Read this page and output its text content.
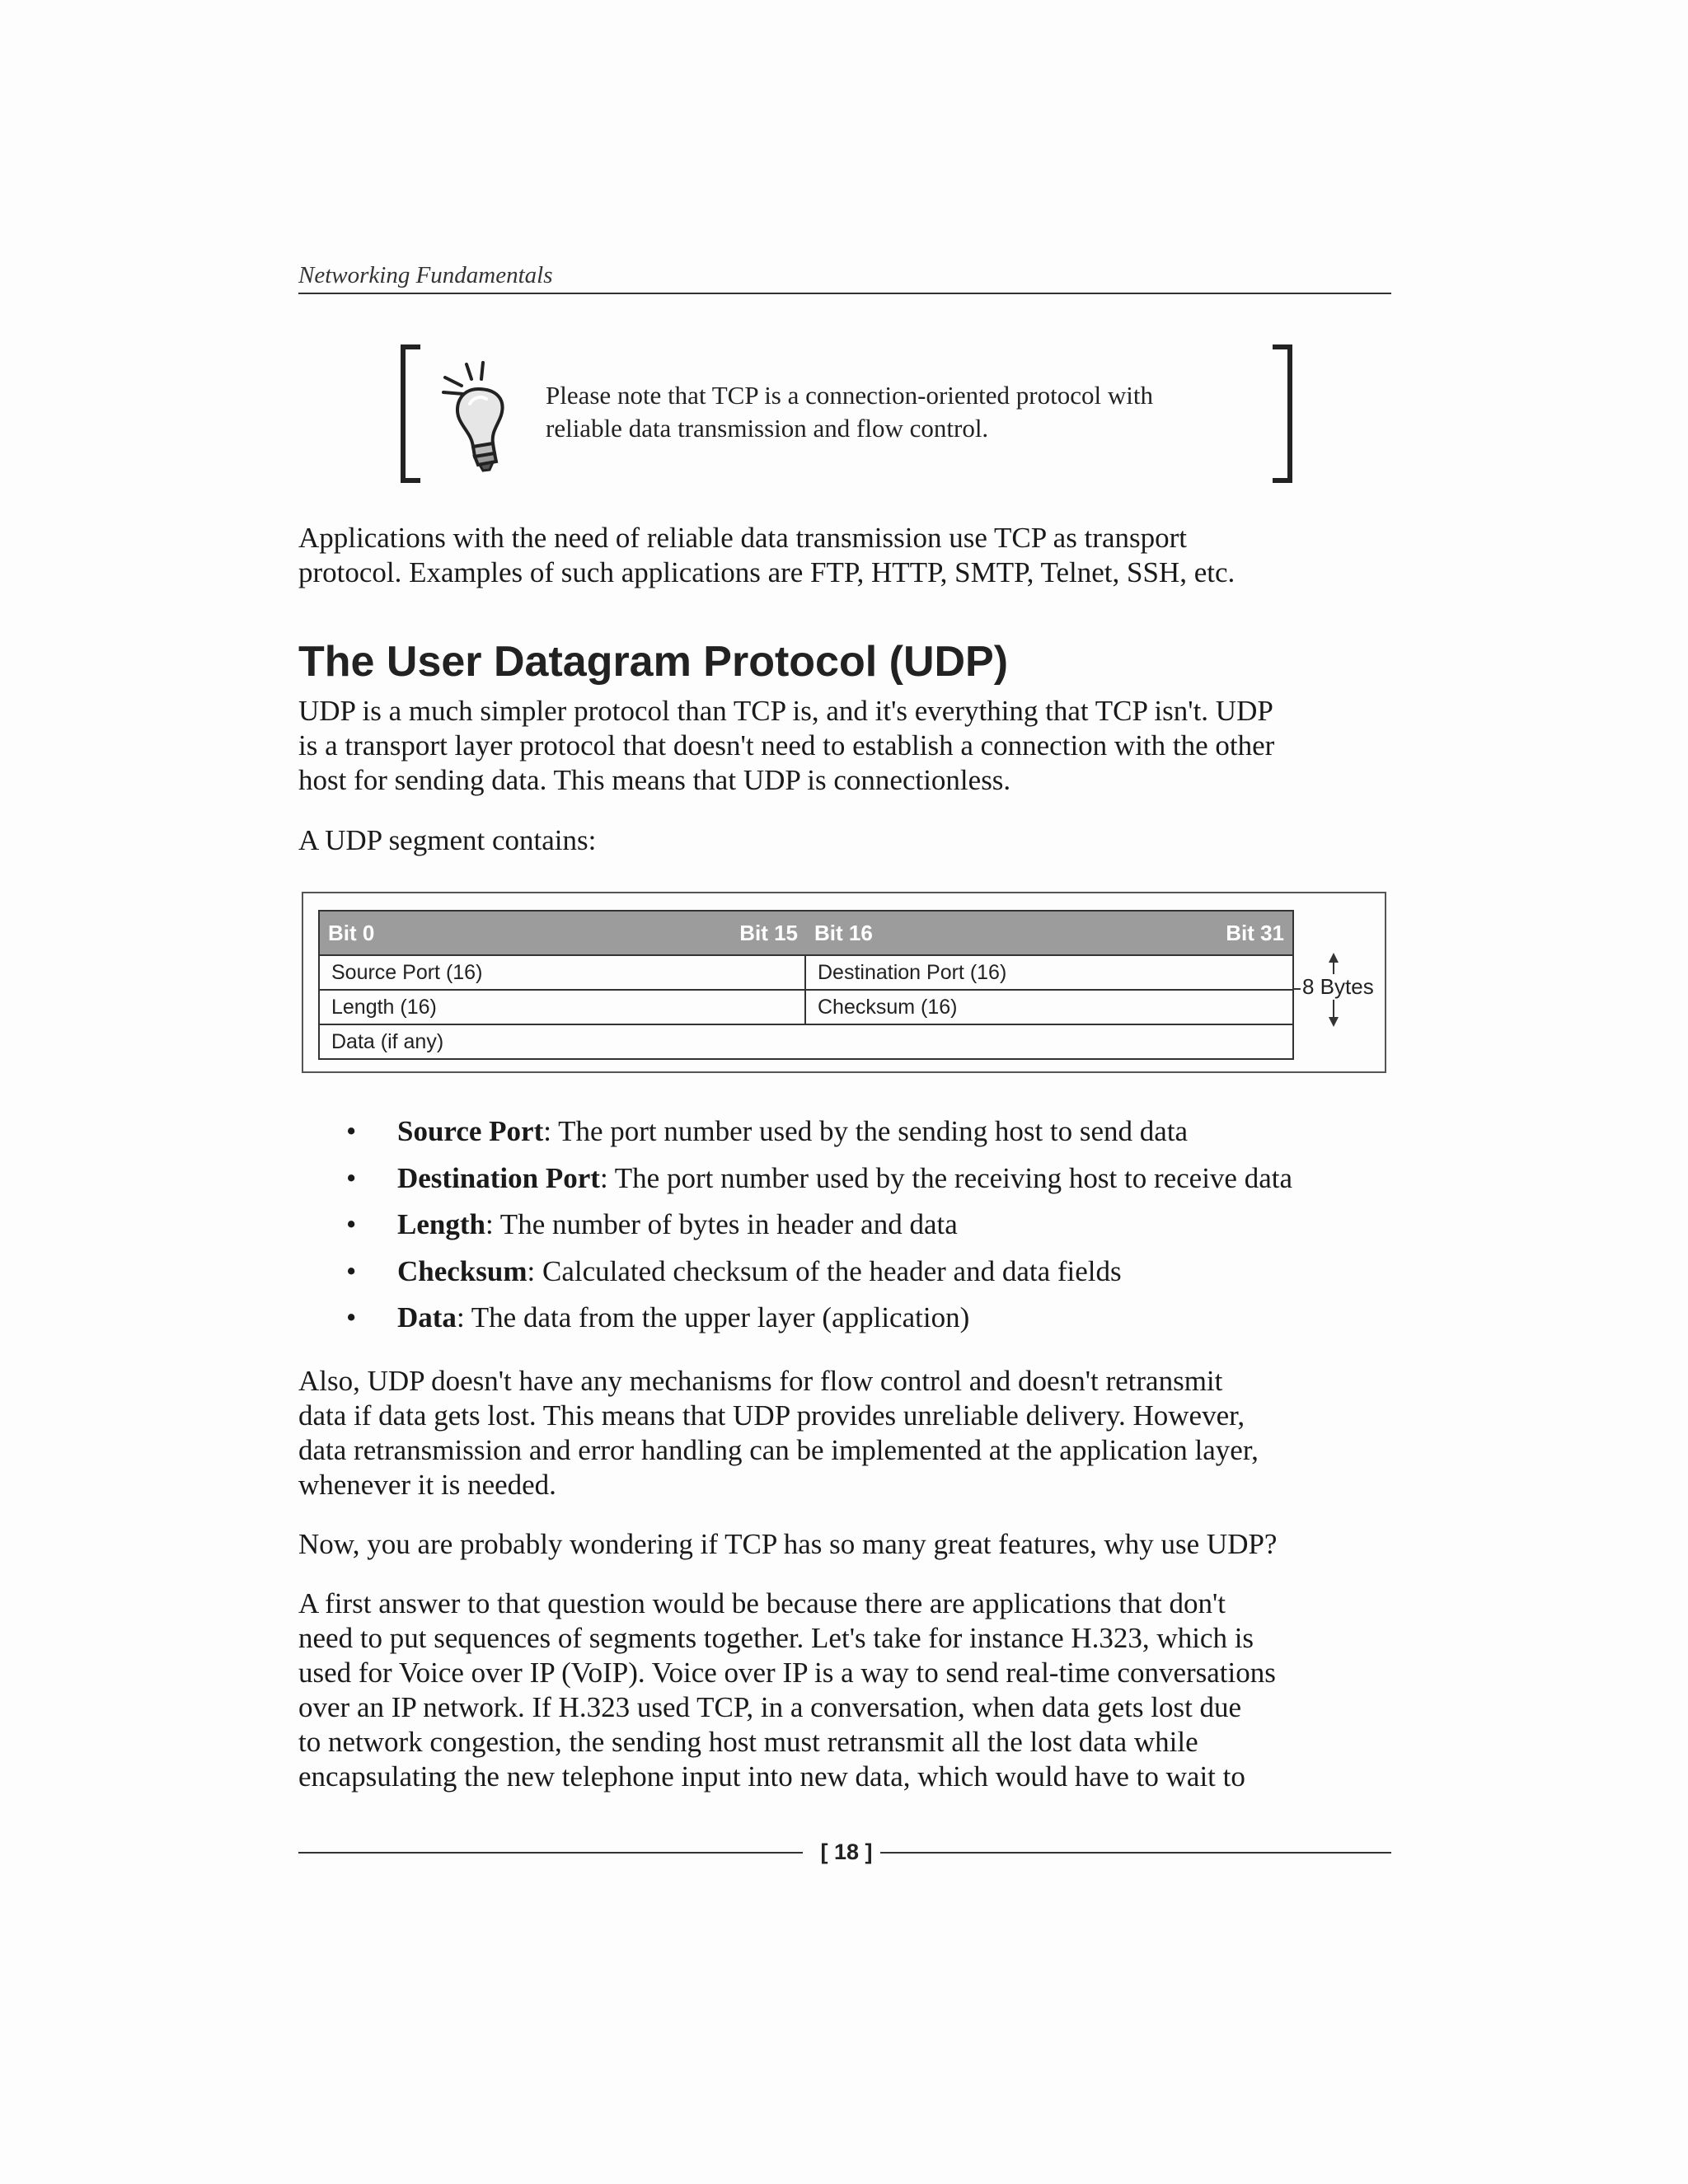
Networking Fundamentals
Please note that TCP is a connection-oriented protocol with
reliable data transmission and flow control.

Applications with the need of reliable data transmission use TCP as transport
protocol. Examples of such applications are FTP, HTTP, SMTP, Telnet, SSH, etc.

The User Datagram Protocol (UDP)

UDP is a much simpler protocol than TCP is, and it's everything that TCP isn't. UDP
is a transport layer protocol that doesn't need to establish a connection with the other
host for sending data. This means that UDP is connectionless.

A UDP segment contains:

Bit 0	Bit 15 Bit 16	Bit 31
Source Port (16)	Destination Port (16)
Length (16)	Checksum (16)
Data (if any)
8 Bytes
• Source Port: The port number used by the sending host to send data
• Destination Port: The port number used by the receiving host to receive data
• Length: The number of bytes in header and data
• Checksum: Calculated checksum of the header and data fields
• Data: The data from the upper layer (application)

Also, UDP doesn't have any mechanisms for flow control and doesn't retransmit
data if data gets lost. This means that UDP provides unreliable delivery. However,
data retransmission and error handling can be implemented at the application layer,
whenever it is needed.

Now, you are probably wondering if TCP has so many great features, why use UDP?

A first answer to that question would be because there are applications that don't
need to put sequences of segments together. Let's take for instance H.323, which is
used for Voice over IP (VoIP). Voice over IP is a way to send real-time conversations
over an IP network. If H.323 used TCP, in a conversation, when data gets lost due
to network congestion, the sending host must retransmit all the lost data while
encapsulating the new telephone input into new data, which would have to wait to

[ 18 ]
